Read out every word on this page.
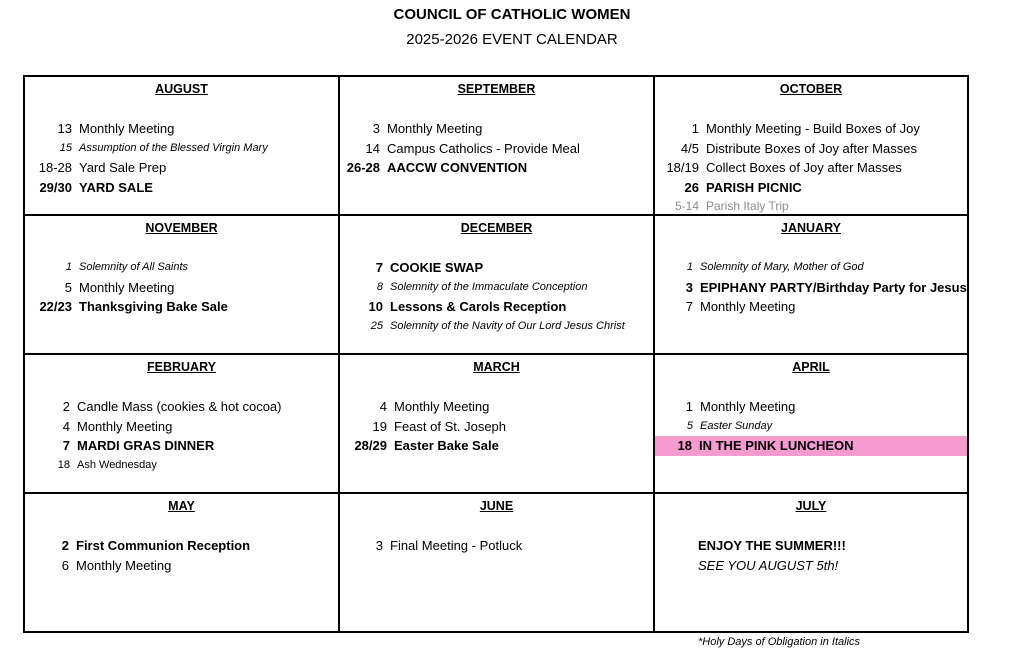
COUNCIL OF CATHOLIC WOMEN
2025-2026 EVENT CALENDAR
AUGUST
13 Monthly Meeting
15 Assumption of the Blessed Virgin Mary
18-28 Yard Sale Prep
29/30 YARD SALE
SEPTEMBER
3 Monthly Meeting
14 Campus Catholics - Provide Meal
26-28 AACCW CONVENTION
OCTOBER
1 Monthly Meeting - Build Boxes of Joy
4/5 Distribute Boxes of Joy after Masses
18/19 Collect Boxes of Joy after Masses
26 PARISH PICNIC
5-14 Parish Italy Trip
NOVEMBER
1 Solemnity of All Saints
5 Monthly Meeting
22/23 Thanksgiving Bake Sale
DECEMBER
7 COOKIE SWAP
8 Solemnity of the Immaculate Conception
10 Lessons & Carols Reception
25 Solemnity of the Navity of Our Lord Jesus Christ
JANUARY
1 Solemnity of Mary, Mother of God
3 EPIPHANY PARTY/Birthday Party for Jesus
7 Monthly Meeting
FEBRUARY
2 Candle Mass (cookies & hot cocoa)
4 Monthly Meeting
7 MARDI GRAS DINNER
18 Ash Wednesday
MARCH
4 Monthly Meeting
19 Feast of St. Joseph
28/29 Easter Bake Sale
APRIL
1 Monthly Meeting
5 Easter Sunday
18 IN THE PINK LUNCHEON
MAY
2 First Communion Reception
6 Monthly Meeting
JUNE
3 Final Meeting - Potluck
JULY
ENJOY THE SUMMER!!!
SEE YOU AUGUST 5th!
*Holy Days of Obligation in Italics
